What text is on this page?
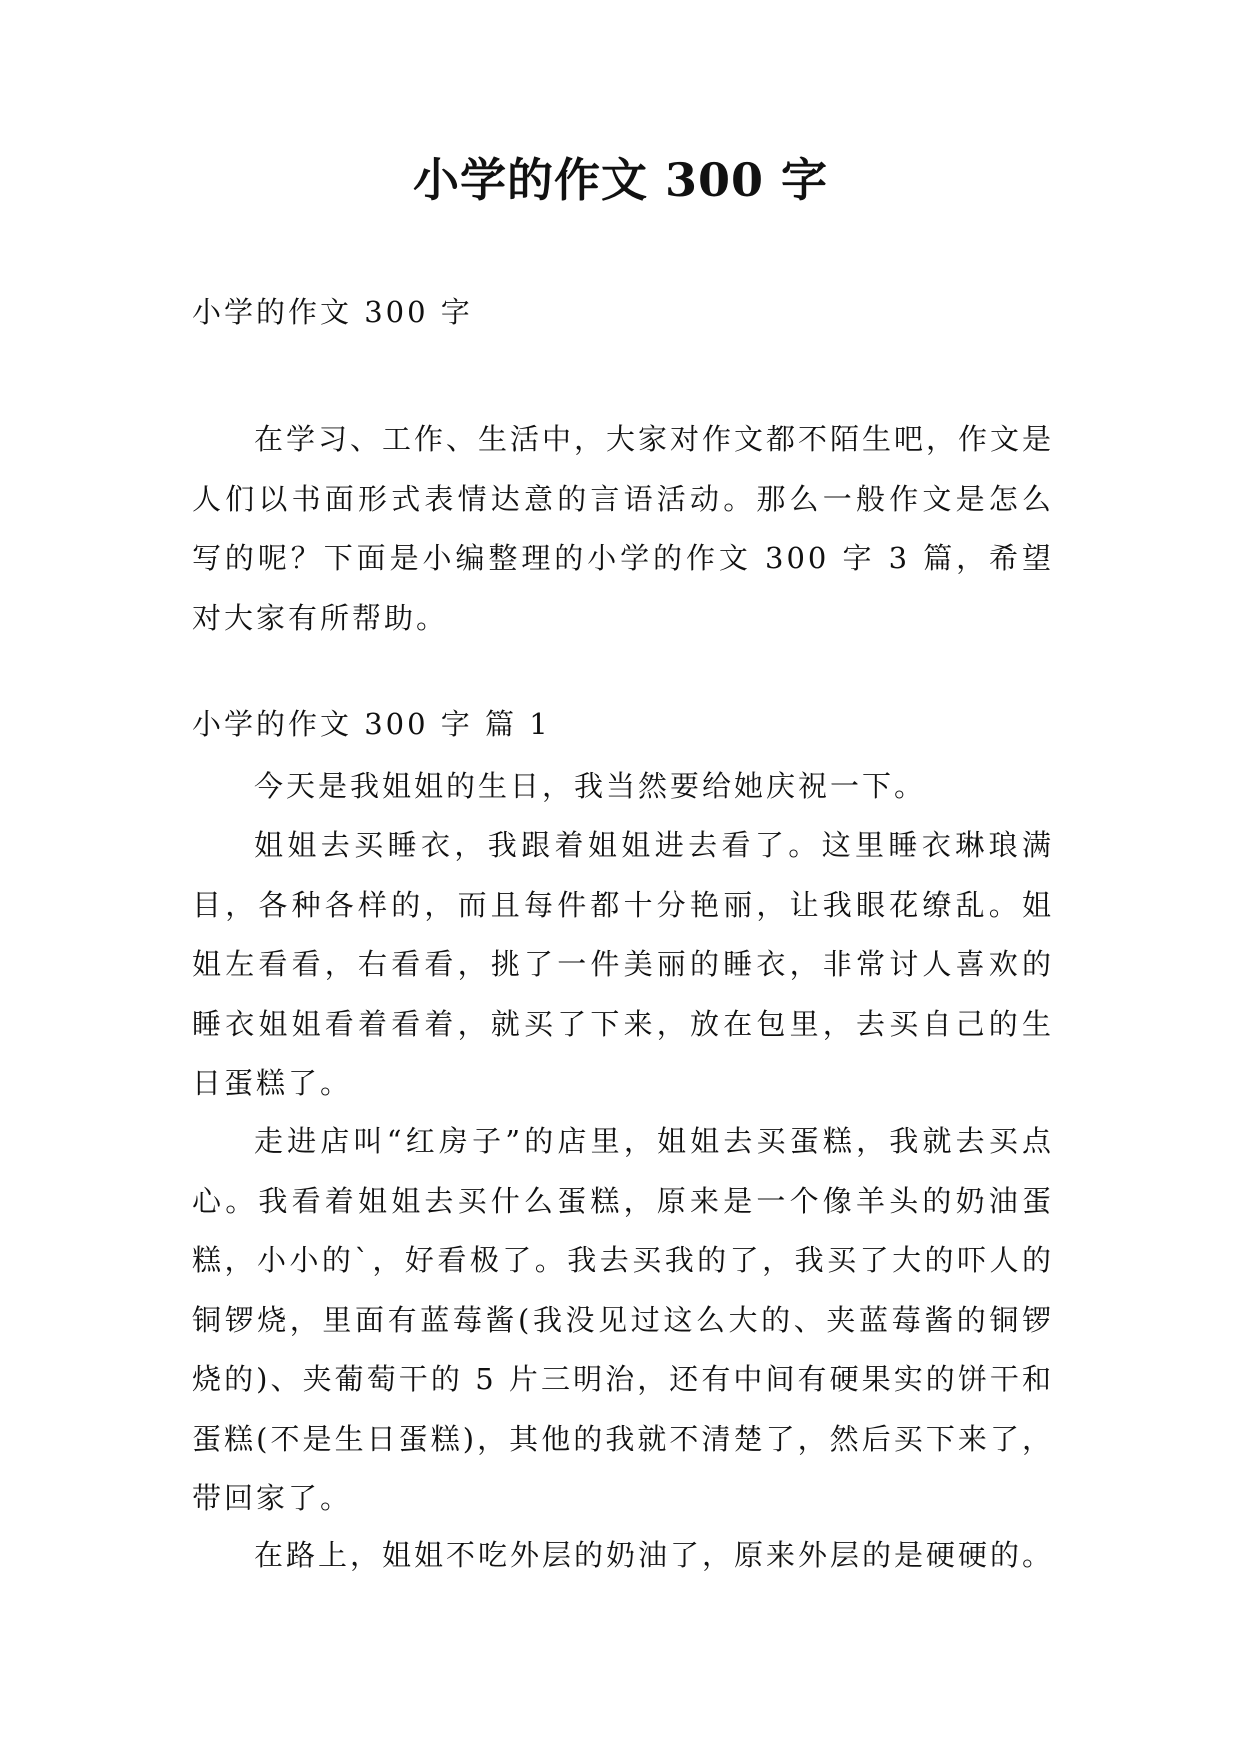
小学的作文 300 字
小学的作文 300 字
在学习、工作、生活中，大家对作文都不陌生吧，作文是人们以书面形式表情达意的言语活动。那么一般作文是怎么写的呢？下面是小编整理的小学的作文 300 字 3 篇，希望对大家有所帮助。
小学的作文 300 字 篇 1
今天是我姐姐的生日，我当然要给她庆祝一下。
姐姐去买睡衣，我跟着姐姐进去看了。这里睡衣琳琅满目，各种各样的，而且每件都十分艳丽，让我眼花缭乱。姐姐左看看，右看看，挑了一件美丽的睡衣，非常讨人喜欢的睡衣姐姐看着看着，就买了下来，放在包里，去买自己的生日蛋糕了。
走进店叫“红房子”的店里，姐姐去买蛋糕，我就去买点心。我看着姐姐去买什么蛋糕，原来是一个像羊头的奶油蛋糕，小小的`，好看极了。我去买我的了，我买了大的吓人的铜锣烧，里面有蓝莓酱(我没见过这么大的、夹蓝莓酱的铜锣烧的)、夹葡萄干的 5 片三明治，还有中间有硬果实的饼干和蛋糕(不是生日蛋糕)，其他的我就不清楚了，然后买下来了，带回家了。
在路上，姐姐不吃外层的奶油了，原来外层的是硬硬的。
